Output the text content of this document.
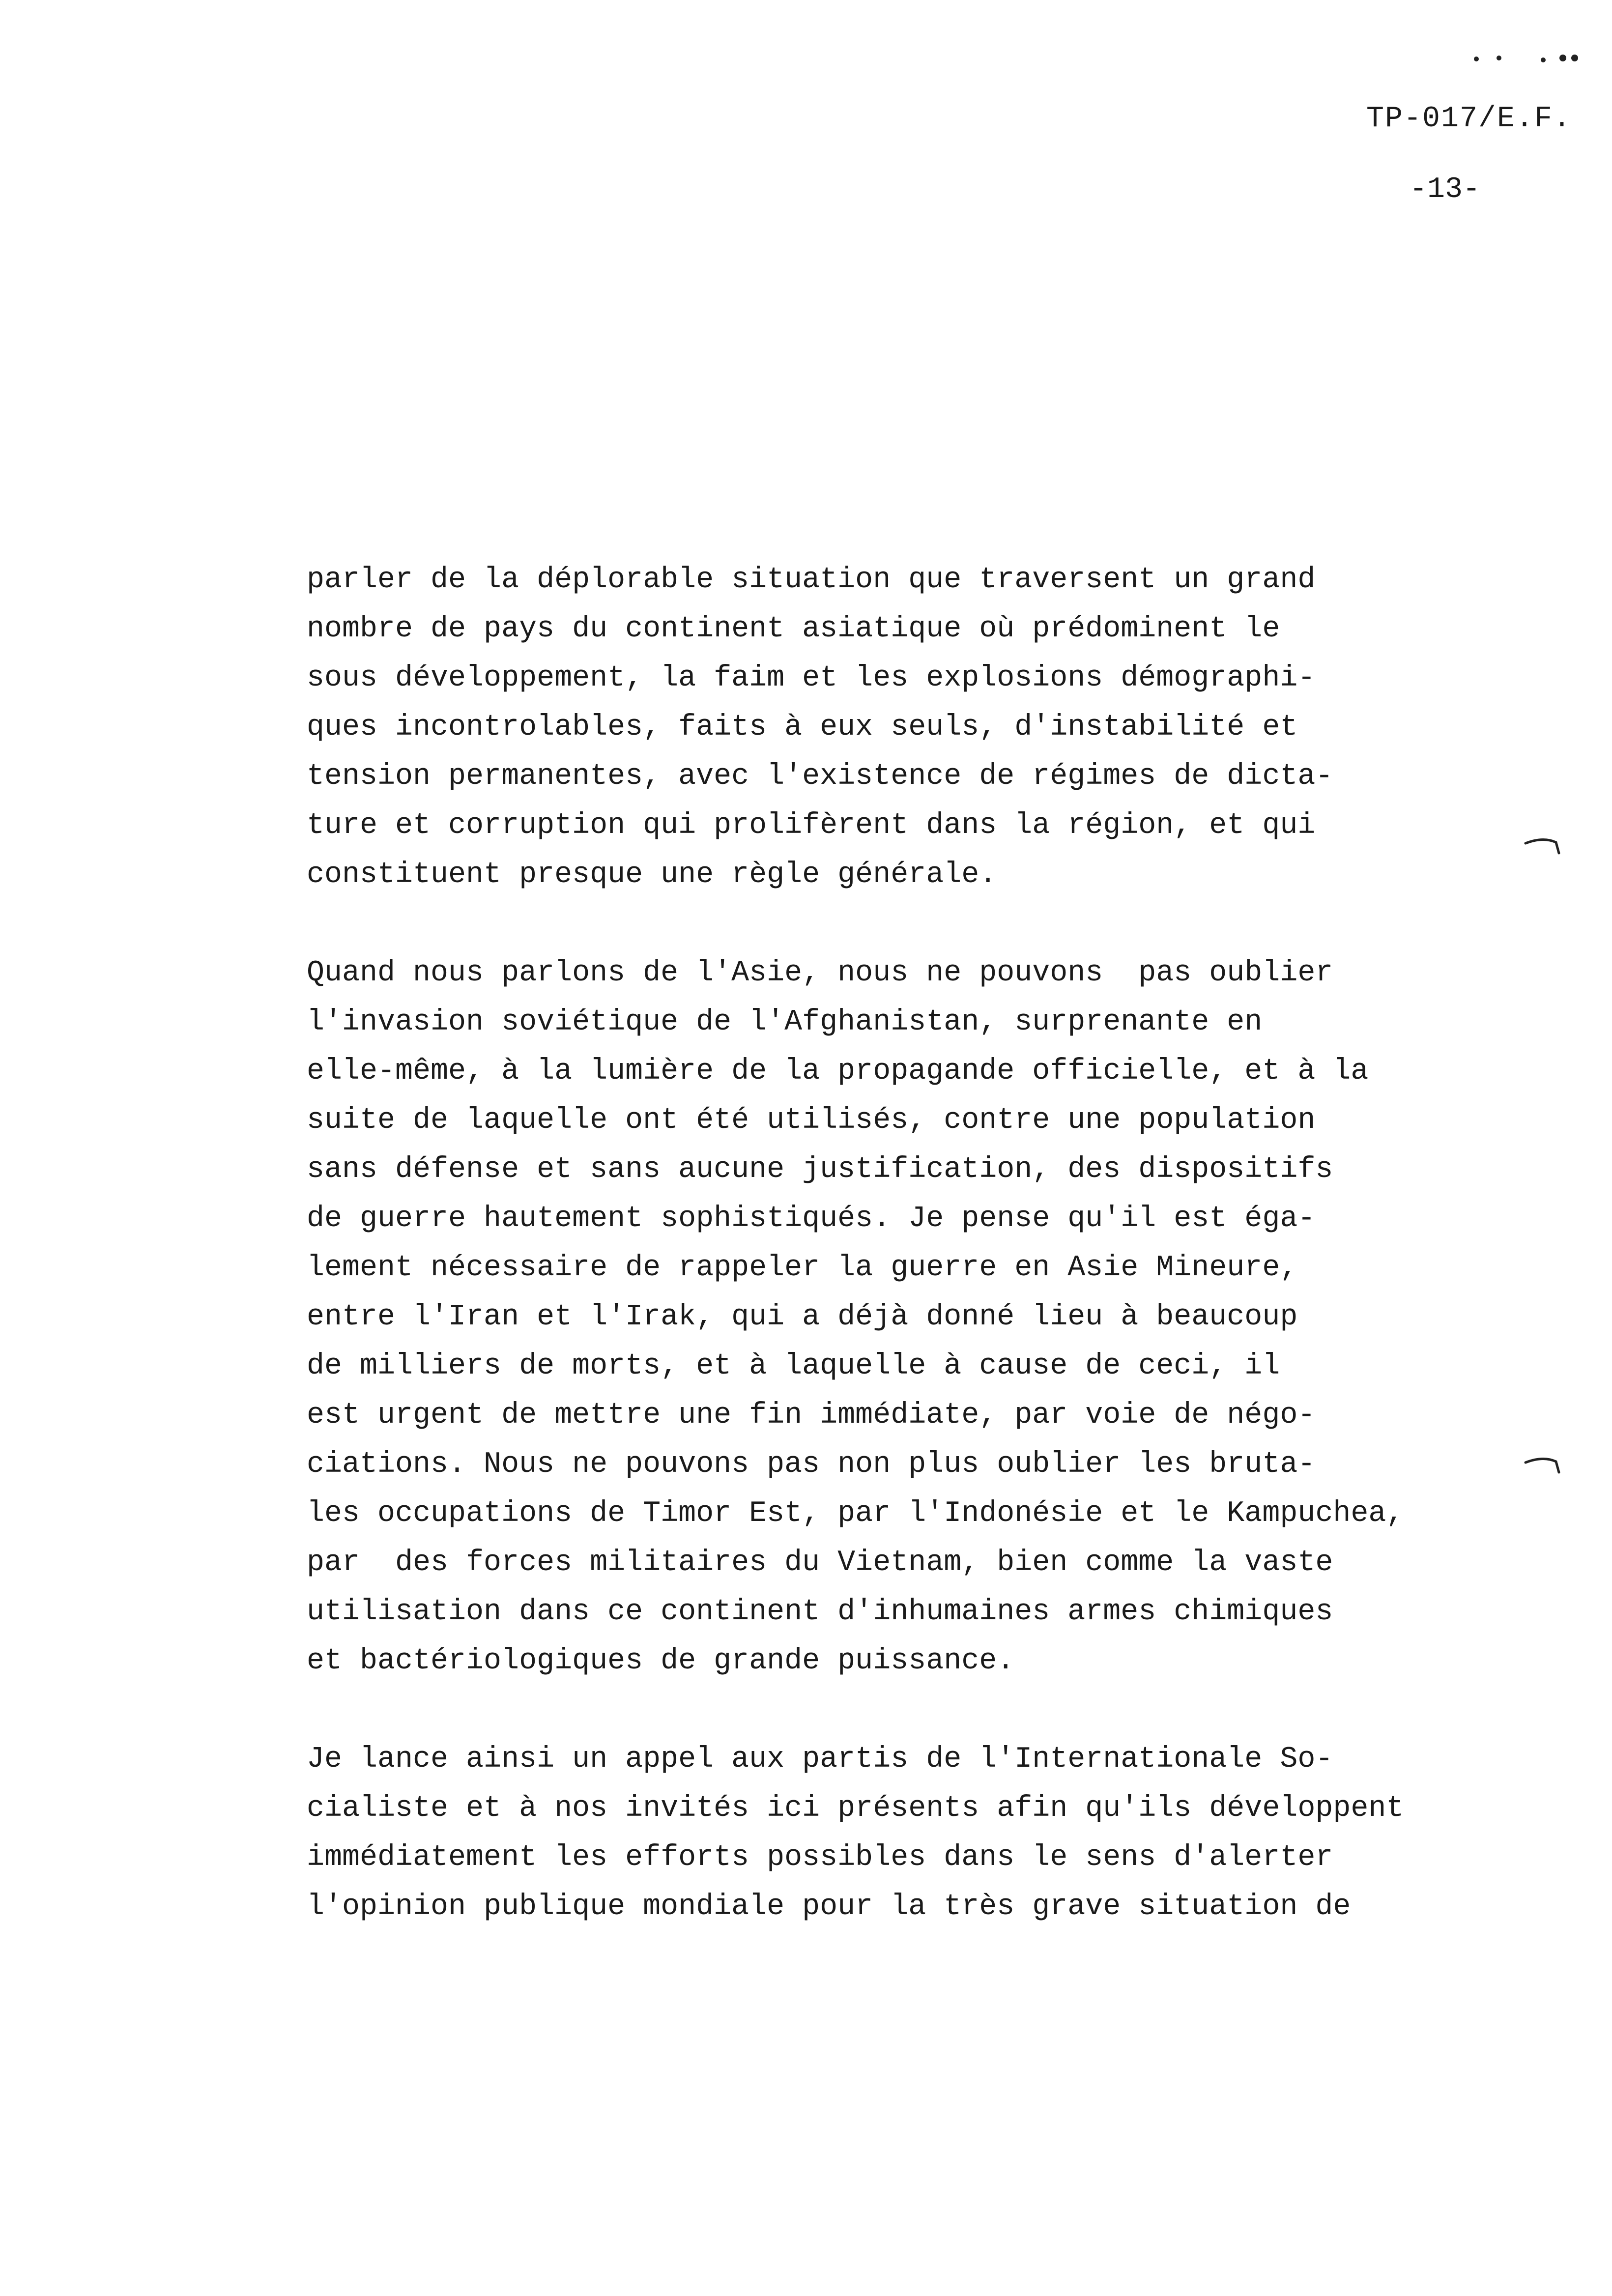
TP-017/E.F.
-13-
parler de la déplorable situation que traversent un grand
nombre de pays du continent asiatique où prédominent le
sous développement, la faim et les explosions démographi-
ques incontrolables, faits à eux seuls, d'instabilité et
tension permanentes, avec l'existence de régimes de dicta-
ture et corruption qui prolifèrent dans la région, et qui
constituent presque une règle générale.
Quand nous parlons de l'Asie, nous ne pouvons  pas oublier
l'invasion soviétique de l'Afghanistan, surprenante en
elle-même, à la lumière de la propagande officielle, et à la
suite de laquelle ont été utilisés, contre une population
sans défense et sans aucune justification, des dispositifs
de guerre hautement sophistiqués. Je pense qu'il est éga-
lement nécessaire de rappeler la guerre en Asie Mineure,
entre l'Iran et l'Irak, qui a déjà donné lieu à beaucoup
de milliers de morts, et à laquelle à cause de ceci, il
est urgent de mettre une fin immédiate, par voie de négo-
ciations. Nous ne pouvons pas non plus oublier les bruta-
les occupations de Timor Est, par l'Indonésie et le Kampuchea,
par  des forces militaires du Vietnam, bien comme la vaste
utilisation dans ce continent d'inhumaines armes chimiques
et bactériologiques de grande puissance.
Je lance ainsi un appel aux partis de l'Internationale So-
cialiste et à nos invités ici présents afin qu'ils développent
immédiatement les efforts possibles dans le sens d'alerter
l'opinion publique mondiale pour la très grave situation de
